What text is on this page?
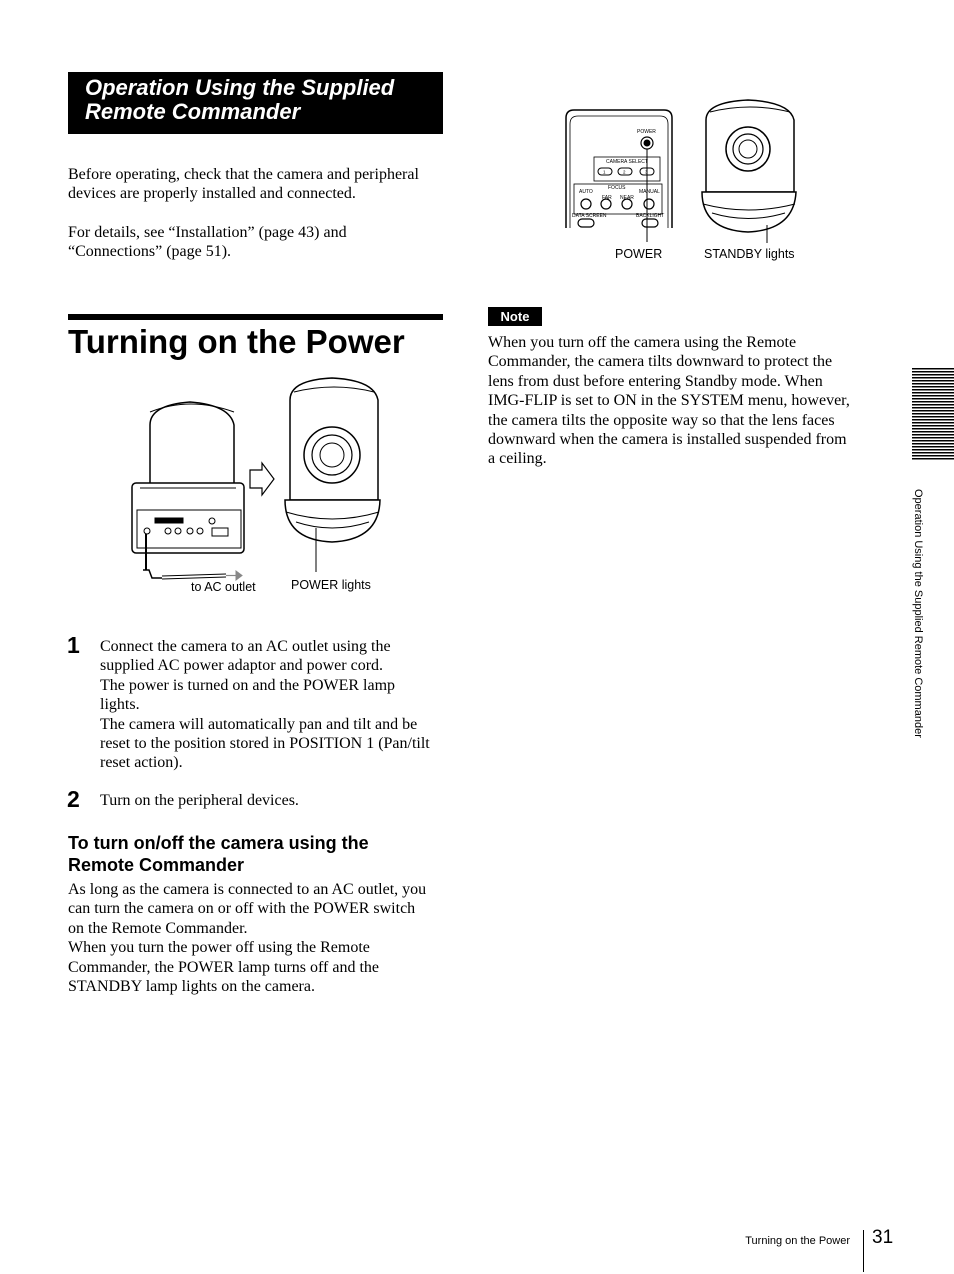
Operation Using the Supplied
Remote Commander
Before operating, check that the camera and peripheral
devices are properly installed and connected.
For details, see “Installation” (page 43) and
“Connections” (page 51).
Turning on the Power
to AC outlet	POWER lights
POWER
CAMERA SELECT
1	2	3
FOCUS
AUTO	MANUAL
FAR NEAR
DATA SCREEN	BACKLIGHT
POWER	STANDBY lights
1 Connect the camera to an AC outlet using the
supplied AC power adaptor and power cord.
The power is turned on and the POWER lamp
lights.
The camera will automatically pan and tilt and be
reset to the position stored in POSITION 1 (Pan/tilt
reset action).
2 Turn on the peripheral devices.
To turn on/off the camera using the
Remote Commander
As long as the camera is connected to an AC outlet, you
can turn the camera on or off with the POWER switch
on the Remote Commander.
When you turn the power off using the Remote
Commander, the POWER lamp turns off and the
STANDBY lamp lights on the camera.
Note
When you turn off the camera using the Remote
Commander, the camera tilts downward to protect the
lens from dust before entering Standby mode. When
IMG-FLIP is set to ON in the SYSTEM menu, however,
the camera tilts the opposite way so that the lens faces
downward when the camera is installed suspended from
a ceiling.
Operation Using the Supplied Remote Commander
Turning on the Power 31
